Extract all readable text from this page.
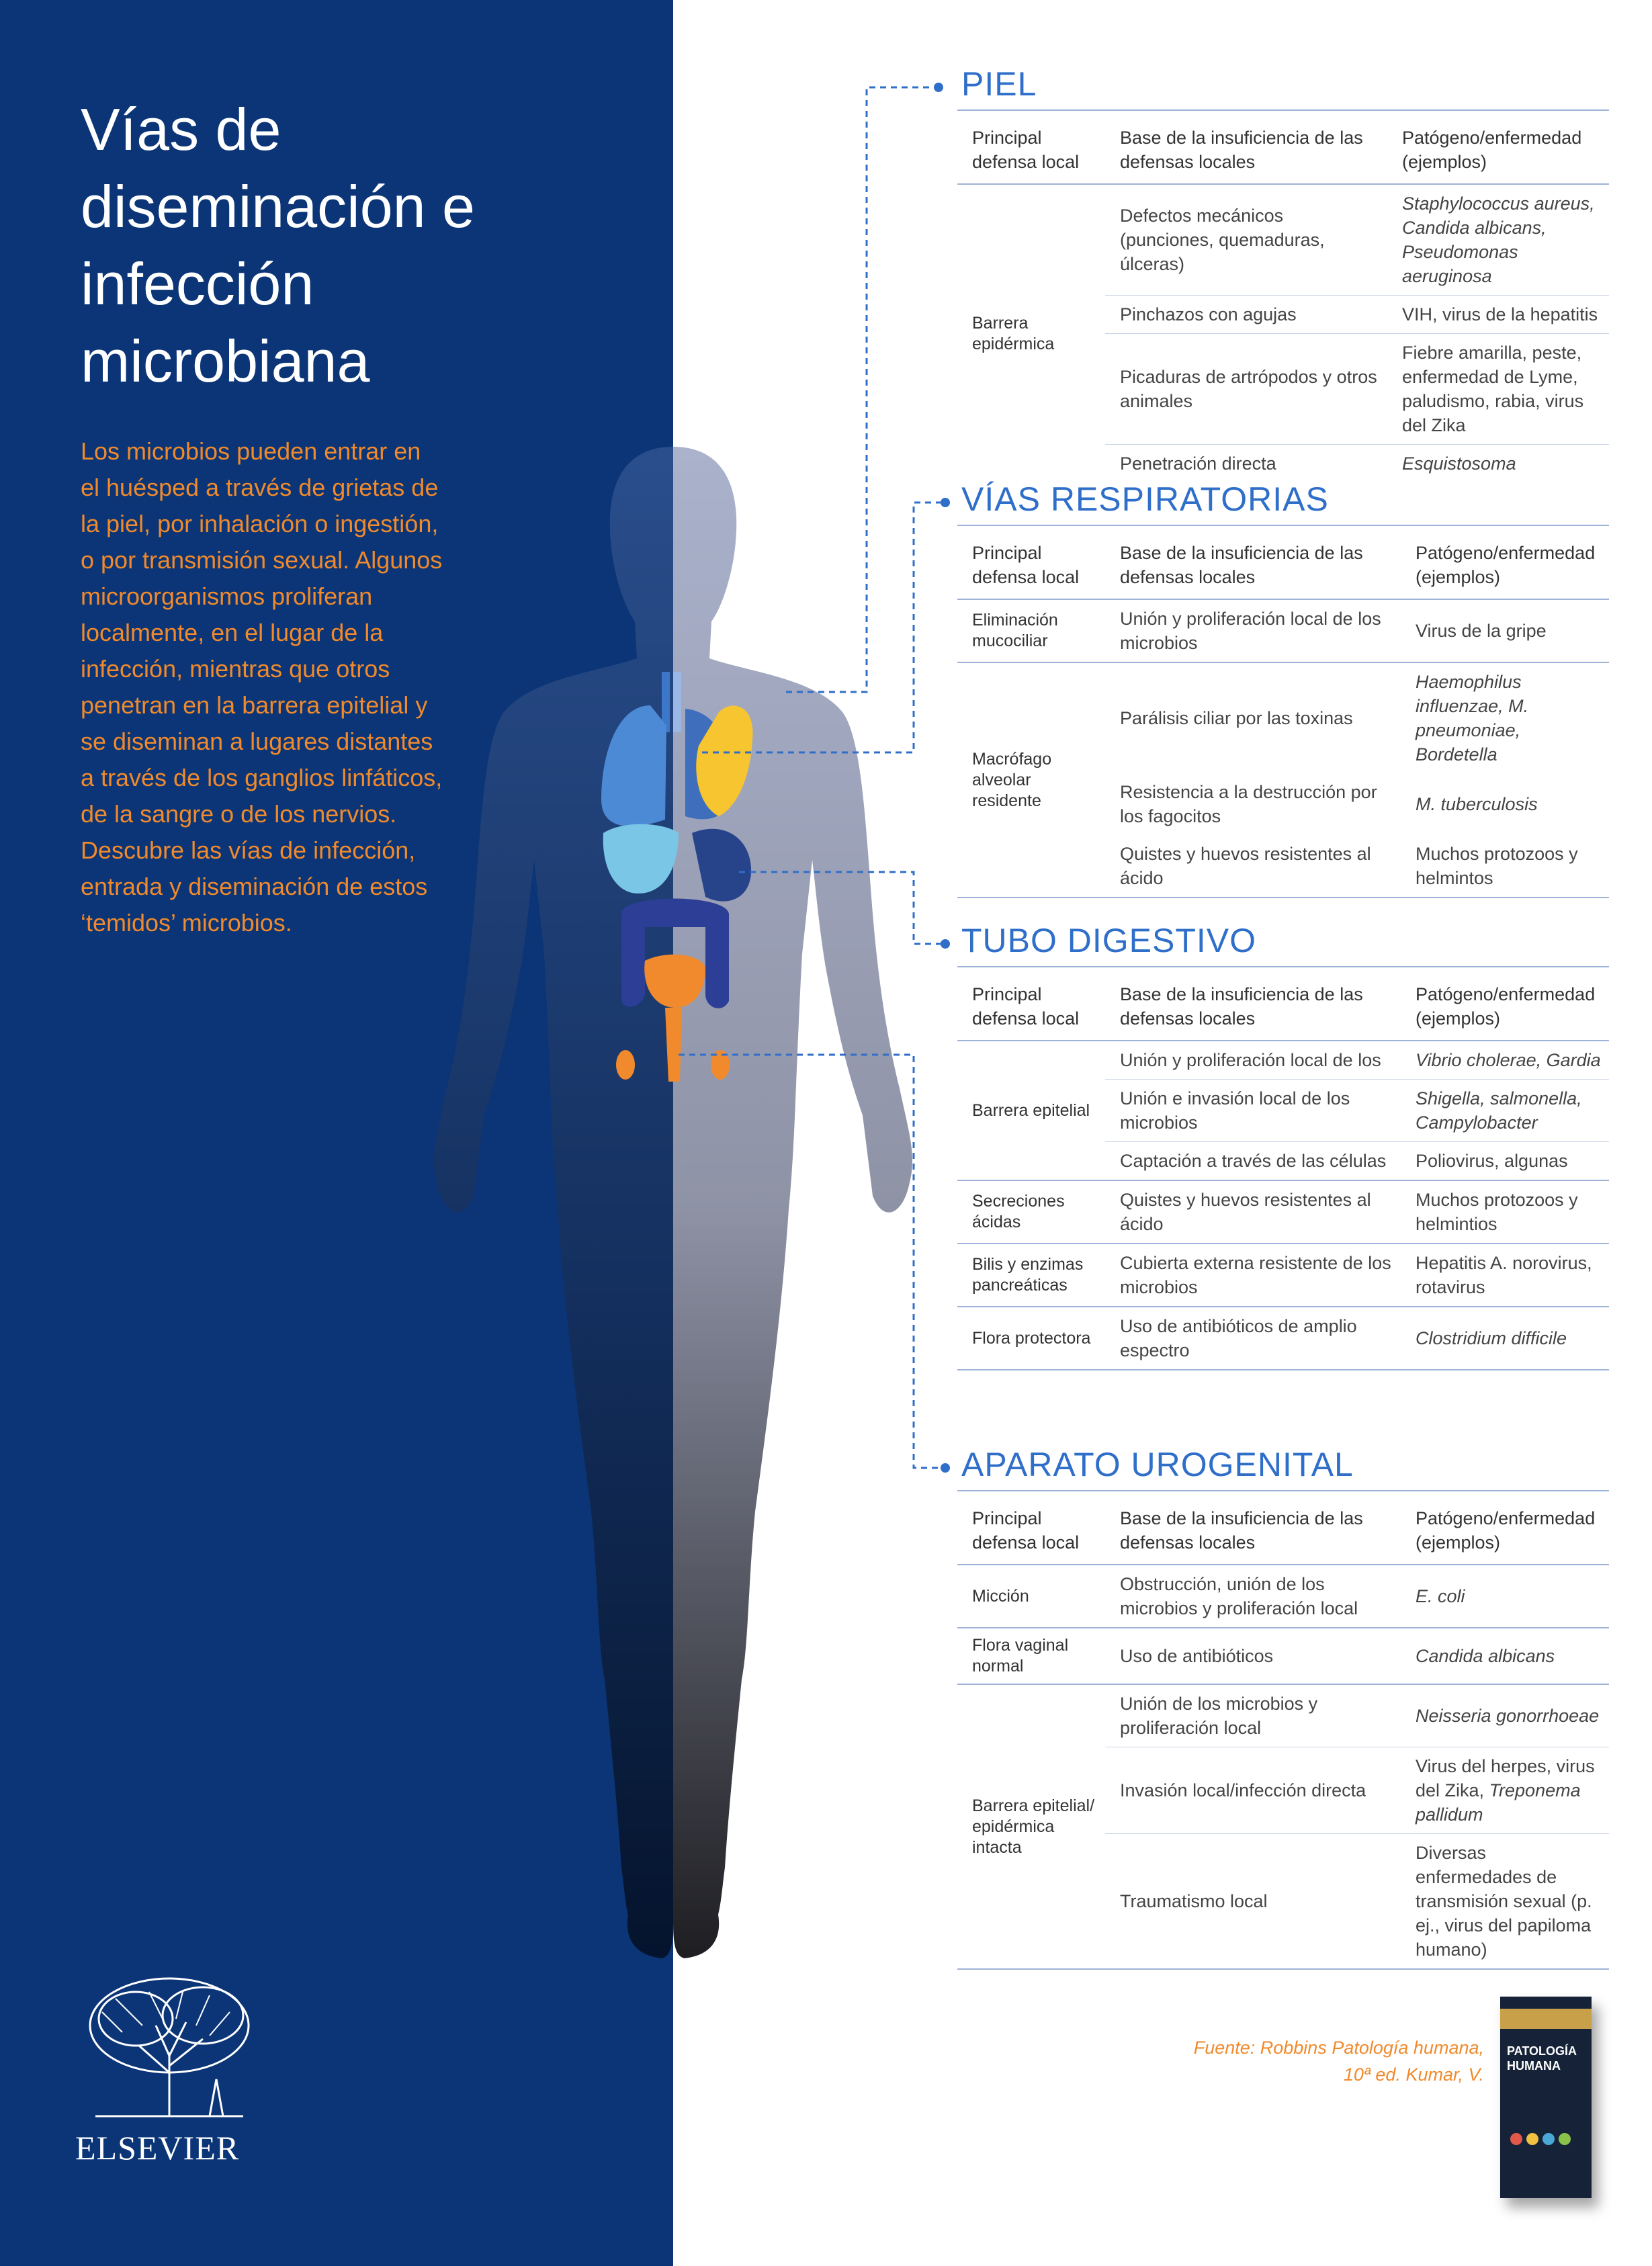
Vías de diseminación e infección microbiana

Los microbios pueden entrar en el huésped a través de grietas de la piel, por inhalación o ingestión, o por transmisión sexual. Algunos microorganismos proliferan localmente, en el lugar de la infección, mientras que otros penetran en la barrera epitelial y se diseminan a lugares distantes a través de los ganglios linfáticos, de la sangre o de los nervios. Descubre las vías de infección, entrada y diseminación de estos ‘temidos’ microbios.

PIEL
Principal defensa local	Base de la insuficiencia de las defensas locales	Patógeno/enfermedad (ejemplos)
Barrera epidérmica	Defectos mecánicos (punciones, quemaduras, úlceras)	Staphylococcus aureus, Candida albicans, Pseudomonas aeruginosa
	Pinchazos con agujas	VIH, virus de la hepatitis
	Picaduras de artrópodos y otros animales	Fiebre amarilla, peste, enfermedad de Lyme, paludismo, rabia, virus del Zika
	Penetración directa	Esquistosoma
VÍAS RESPIRATORIAS
Principal defensa local	Base de la insuficiencia de las defensas locales	Patógeno/enfermedad (ejemplos)
Eliminación mucociliar	Unión y proliferación local de los microbios	Virus de la gripe
Macrófago alveolar residente	Parálisis ciliar por las toxinas	Haemophilus influenzae, M. pneumoniae, Bordetella
	Resistencia a la destrucción por los fagocitos	M. tuberculosis
	Quistes y huevos resistentes al ácido	Muchos protozoos y helmintos
TUBO DIGESTIVO
Principal defensa local	Base de la insuficiencia de las defensas locales	Patógeno/enfermedad (ejemplos)
Barrera epitelial	Unión y proliferación local de los	Vibrio cholerae, Gardia
	Unión e invasión local de los microbios	Shigella, salmonella, Campylobacter
	Captación a través de las células	Poliovirus, algunas
Secreciones ácidas	Quistes y huevos resistentes al ácido	Muchos protozoos y helmintios
Bilis y enzimas pancreáticas	Cubierta externa resistente de los microbios	Hepatitis A. norovirus, rotavirus
Flora protectora	Uso de antibióticos de amplio espectro	Clostridium difficile
APARATO UROGENITAL
Principal defensa local	Base de la insuficiencia de las defensas locales	Patógeno/enfermedad (ejemplos)
Micción	Obstrucción, unión de los microbios y proliferación local	E. coli
Flora vaginal normal	Uso de antibióticos	Candida albicans
Barrera epitelial/ epidérmica intacta	Unión de los microbios y proliferación local	Neisseria gonorrhoeae
	Invasión local/infección directa	Virus del herpes, virus del Zika, Treponema pallidum
	Traumatismo local	Diversas enfermedades de transmisión sexual (p. ej., virus del papiloma humano)
Fuente: Robbins Patología humana,
10ª ed. Kumar, V.
PATOLOGÍA HUMANA
ELSEVIER
